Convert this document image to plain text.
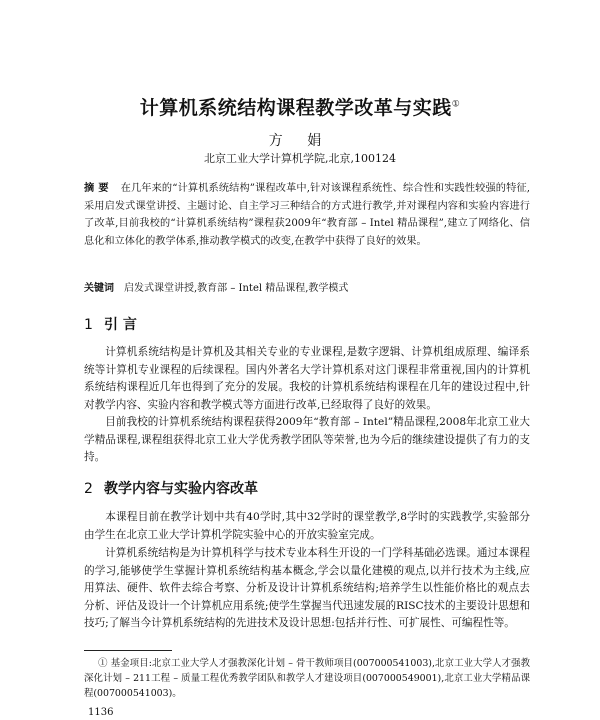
计算机系统结构课程教学改革与实践①
方 娟
北京工业大学计算机学院,北京,100124
摘要 在几年来的“计算机系统结构”课程改革中,针对该课程系统性、综合性和实践性较强的特征,采用启发式课堂讲授、主题讨论、自主学习三种结合的方式进行教学,并对课程内容和实验内容进行了改革,目前我校的“计算机系统结构”课程获2009年“教育部 – Intel 精品课程”,建立了网络化、信息化和立体化的教学体系,推动教学模式的改变,在教学中获得了良好的效果。
关键词 启发式课堂讲授,教育部 – Intel 精品课程,教学模式
1 引 言
计算机系统结构是计算机及其相关专业的专业课程,是数字逻辑、计算机组成原理、编译系统等计算机专业课程的后续课程。国内外著名大学计算机系对这门课程非常重视,国内的计算机系统结构课程近几年也得到了充分的发展。我校的计算机系统结构课程在几年的建设过程中,针对教学内容、实验内容和教学模式等方面进行改革,已经取得了良好的效果。
目前我校的计算机系统结构课程获得2009年“教育部 – Intel”精品课程,2008年北京工业大学精品课程,课程组获得北京工业大学优秀教学团队等荣誉,也为今后的继续建设提供了有力的支持。
2 教学内容与实验内容改革
本课程目前在教学计划中共有40学时,其中32学时的课堂教学,8学时的实践教学,实验部分由学生在北京工业大学计算机学院实验中心的开放实验室完成。
计算机系统结构是为计算机科学与技术专业本科生开设的一门学科基础必选课。通过本课程的学习,能够使学生掌握计算机系统结构基本概念,学会以量化建模的观点,以并行技术为主线,应用算法、硬件、软件去综合考察、分析及设计计算机系统结构;培养学生以性能价格比的观点去分析、评估及设计一个计算机应用系统;使学生掌握当代迅速发展的RISC技术的主要设计思想和技巧;了解当今计算机系统结构的先进技术及设计思想:包括并行性、可扩展性、可编程性等。
① 基金项目:北京工业大学人才强教深化计划 – 骨干教师项目(007000541003),北京工业大学人才强教深化计划 – 211工程 – 质量工程优秀教学团队和教学人才建设项目(007000549001),北京工业大学精品课程(007000541003)。
1136
